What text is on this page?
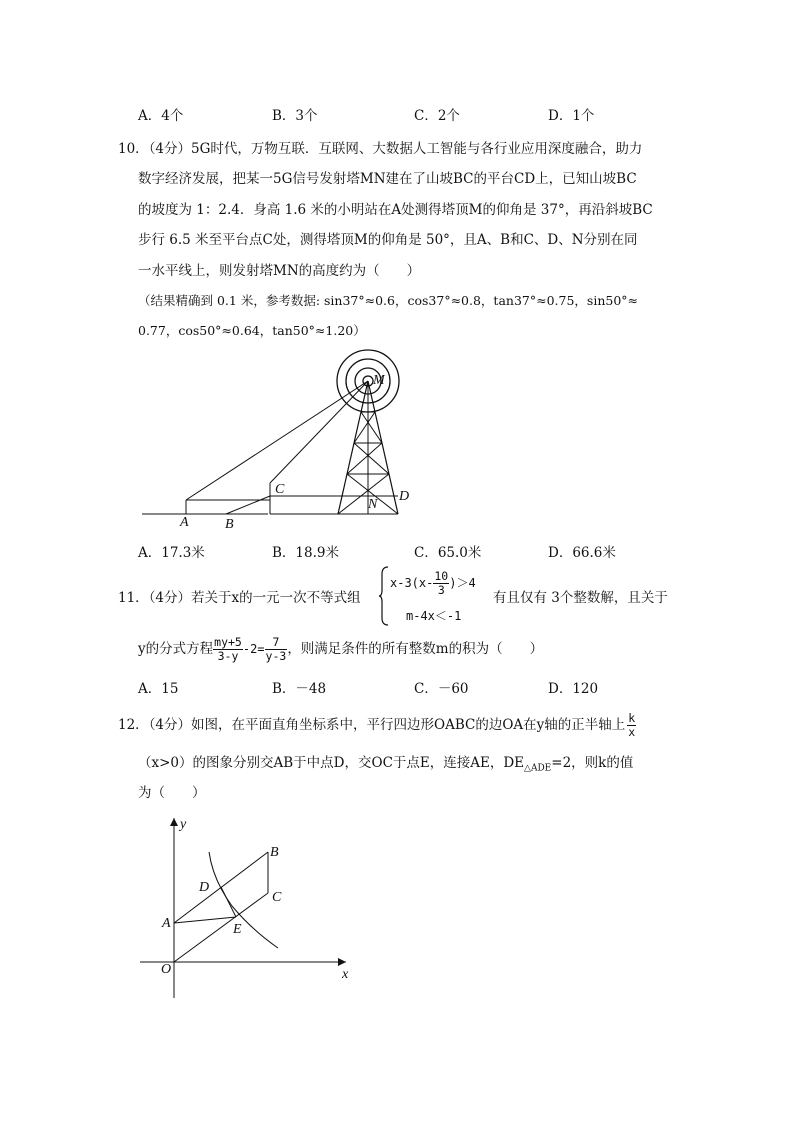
A．4个	B．3个	C．2个	D．1个
10．（4分）5G时代，万物互联．互联网、大数据人工智能与各行业应用深度融合，助力
数字经济发展，把某一5G信号发射塔MN建在了山坡BC的平台CD上，已知山坡BC
的坡度为 1：2.4．身高 1.6 米的小明站在A处测得塔顶M的仰角是 37°，再沿斜坡BC
步行 6.5 米至平台点C处，测得塔顶M的仰角是 50°，且A、B和C、D、N分别在同
一水平线上，则发射塔MN的高度约为（　　）
（结果精确到 0.1 米，参考数据: sin37°≈0.6，cos37°≈0.8，tan37°≈0.75，sin50°≈
0.77，cos50°≈0.64，tan50°≈1.20）
M
C	D
N
A	B
A．17.3米	B．18.9米	C．65.0米	D．66.6米
11．（4分）若关于x的一元一次不等式组
$x-3(x- \frac{10}{3} )>4$
m-4x＜-1
有且仅有 3个整数解，且关于
y的分式方程 $\frac{my+5}{3-y} -2= \frac{7}{y-3}$ ，则满足条件的所有整数m的积为（　　）
A．15	B．－48	C．－60	D．120
12．（4分）如图，在平面直角坐标系中，平行四边形OABC的边OA在y轴的正半轴上 $\frac{k}{x}$
（x>0）的图象分别交AB于中点D，交OC于点E，连接AE，$DE_{\triangle ADE}=2$，则k的值
为（　　）
y
x
O
A
B
C
D
E
